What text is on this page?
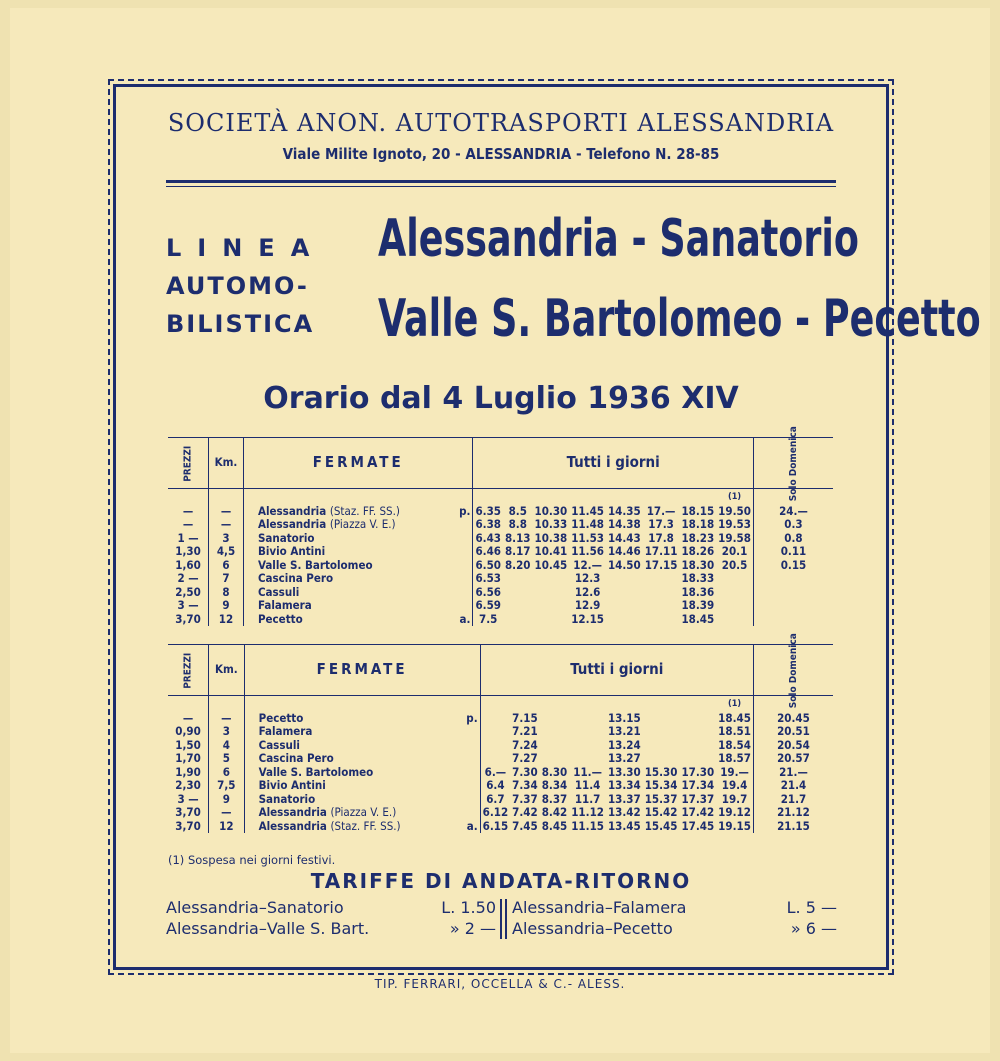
SOCIETÀ ANON. AUTOTRASPORTI ALESSANDRIA
Viale Milite Ignoto, 20 - ALESSANDRIA - Telefono N. 28-85
LINEA
AUTOMO-
BILISTICA
Alessandria - Sanatorio
Valle S. Bartolomeo - Pecetto
Orario dal 4 Luglio 1936 XIV
PREZZI	Km.	FERMATE	Tutti i giorni								Solo Domenica
										(1)	
—	—	Alessandria (Staz. FF. SS.) p.	6.35	8.5	10.30	11.45	14.35	17.—	18.15	19.50	24.—
—	—	Alessandria (Piazza V. E.)	6.38	8.8	10.33	11.48	14.38	17.3	18.18	19.53	0.3
1 —	3	Sanatorio	6.43	8.13	10.38	11.53	14.43	17.8	18.23	19.58	0.8
1,30	4,5	Bivio Antini	6.46	8.17	10.41	11.56	14.46	17.11	18.26	20.1	0.11
1,60	6	Valle S. Bartolomeo	6.50	8.20	10.45	12.—	14.50	17.15	18.30	20.5	0.15
2 —	7	Cascina Pero	6.53			12.3			18.33		
2,50	8	Cassuli	6.56			12.6			18.36		
3 —	9	Falamera	6.59			12.9			18.39		
3,70	12	Pecetto a.	7.5			12.15			18.45		
PREZZI	Km.	FERMATE	Tutti i giorni								Solo Domenica
										(1)	
—	—	Pecetto p.		7.15			13.15			18.45	20.45
0,90	3	Falamera		7.21			13.21			18.51	20.51
1,50	4	Cassuli		7.24			13.24			18.54	20.54
1,70	5	Cascina Pero		7.27			13.27			18.57	20.57
1,90	6	Valle S. Bartolomeo	6.—	7.30	8.30	11.—	13.30	15.30	17.30	19.—	21.—
2,30	7,5	Bivio Antini	6.4	7.34	8.34	11.4	13.34	15.34	17.34	19.4	21.4
3 —	9	Sanatorio	6.7	7.37	8.37	11.7	13.37	15.37	17.37	19.7	21.7
3,70	—	Alessandria (Piazza V. E.)	6.12	7.42	8.42	11.12	13.42	15.42	17.42	19.12	21.12
3,70	12	Alessandria (Staz. FF. SS.) a.	6.15	7.45	8.45	11.15	13.45	15.45	17.45	19.15	21.15
(1) Sospesa nei giorni festivi.
TARIFFE DI ANDATA-RITORNO
Alessandria–Sanatorio	L. 1.50
Alessandria–Valle S. Bart.	» 2 —
Alessandria–Falamera	L. 5 —
Alessandria–Pecetto	» 6 —
TIP. FERRARI, OCCELLA & C.- ALESS.
